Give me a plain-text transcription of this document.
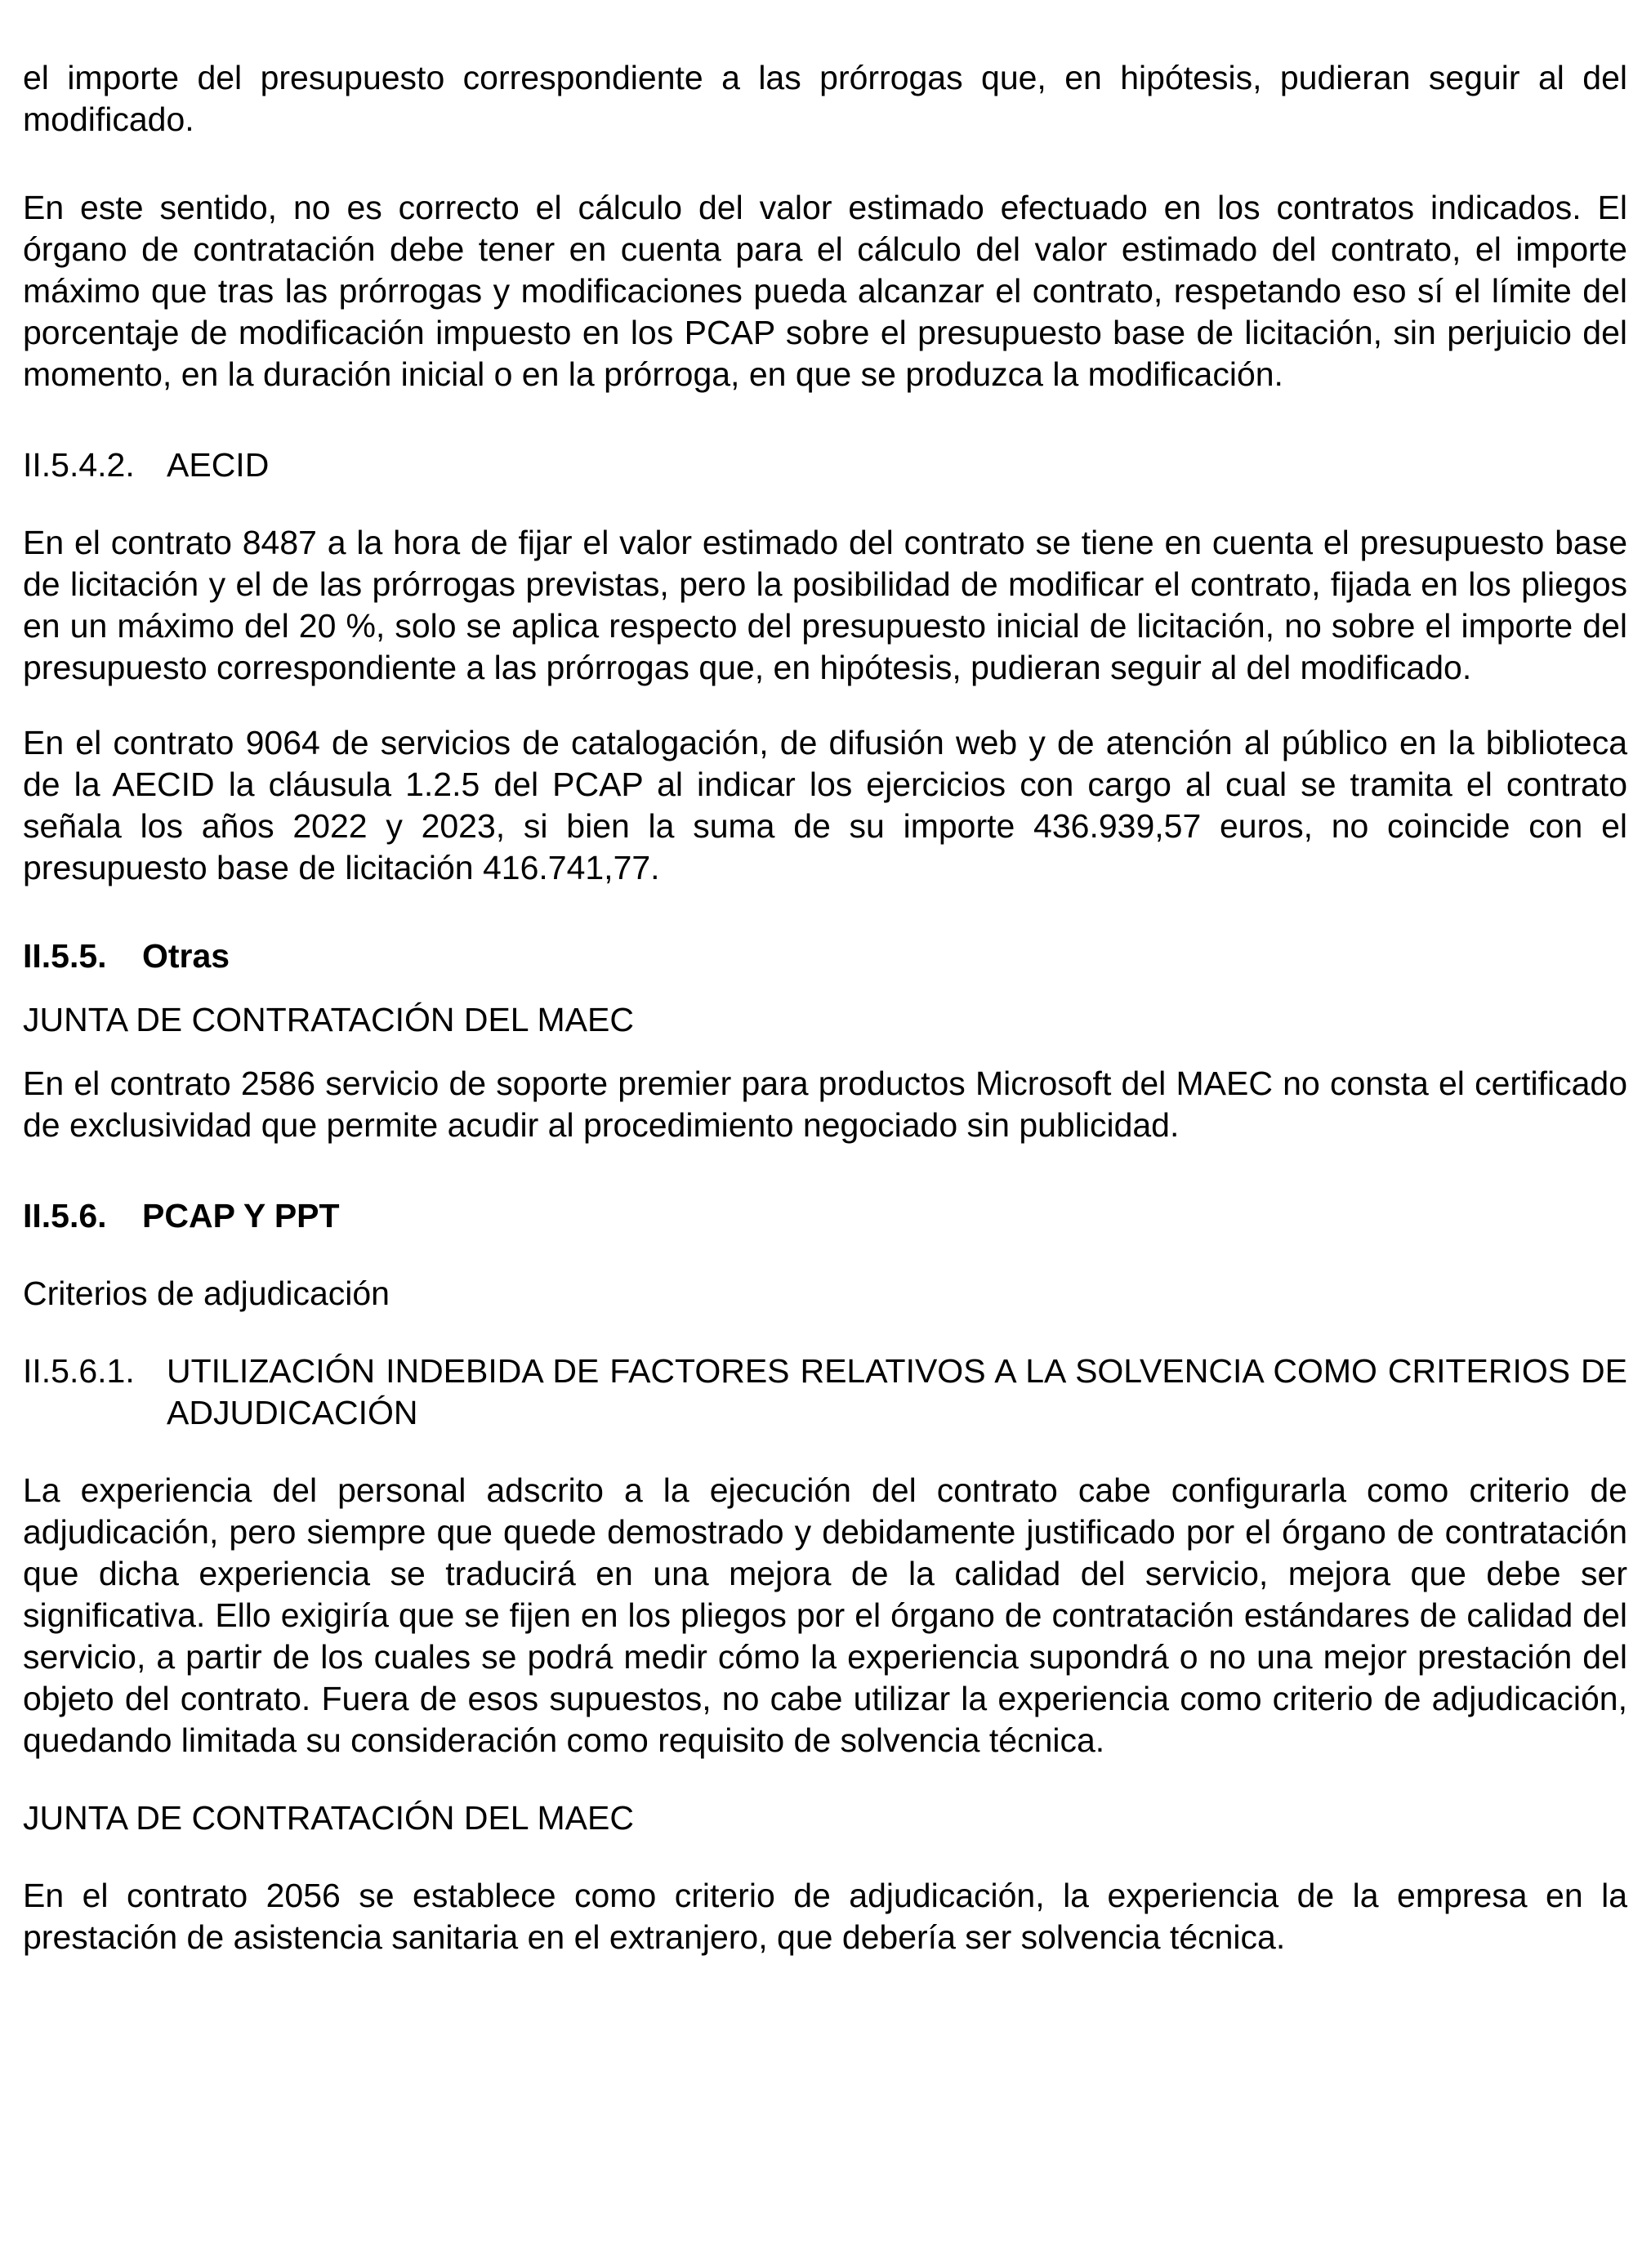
el importe del presupuesto correspondiente a las prórrogas que, en hipótesis, pudieran seguir al del modificado.

En este sentido, no es correcto el cálculo del valor estimado efectuado en los contratos indicados. El órgano de contratación debe tener en cuenta para el cálculo del valor estimado del contrato, el importe máximo que tras las prórrogas y modificaciones pueda alcanzar el contrato, respetando eso sí el límite del porcentaje de modificación impuesto en los PCAP sobre el presupuesto base de licitación, sin perjuicio del momento, en la duración inicial o en la prórroga, en que se produzca la modificación.

II.5.4.2. AECID

En el contrato 8487 a la hora de fijar el valor estimado del contrato se tiene en cuenta el presupuesto base de licitación y el de las prórrogas previstas, pero la posibilidad de modificar el contrato, fijada en los pliegos en un máximo del 20 %, solo se aplica respecto del presupuesto inicial de licitación, no sobre el importe del presupuesto correspondiente a las prórrogas que, en hipótesis, pudieran seguir al del modificado.

En el contrato 9064 de servicios de catalogación, de difusión web y de atención al público en la biblioteca de la AECID la cláusula 1.2.5 del PCAP al indicar los ejercicios con cargo al cual se tramita el contrato señala los años 2022 y 2023, si bien la suma de su importe 436.939,57 euros, no coincide con el presupuesto base de licitación 416.741,77.

II.5.5.	Otras

JUNTA DE CONTRATACIÓN DEL MAEC

En el contrato 2586 servicio de soporte premier para productos Microsoft del MAEC no consta el certificado de exclusividad que permite acudir al procedimiento negociado sin publicidad.

II.5.6.	PCAP Y PPT

Criterios de adjudicación

II.5.6.1. UTILIZACIÓN INDEBIDA DE FACTORES RELATIVOS A LA SOLVENCIA COMO CRITERIOS DE ADJUDICACIÓN

La experiencia del personal adscrito a la ejecución del contrato cabe configurarla como criterio de adjudicación, pero siempre que quede demostrado y debidamente justificado por el órgano de contratación que dicha experiencia se traducirá en una mejora de la calidad del servicio, mejora que debe ser significativa. Ello exigiría que se fijen en los pliegos por el órgano de contratación estándares de calidad del servicio, a partir de los cuales se podrá medir cómo la experiencia supondrá o no una mejor prestación del objeto del contrato. Fuera de esos supuestos, no cabe utilizar la experiencia como criterio de adjudicación, quedando limitada su consideración como requisito de solvencia técnica.

JUNTA DE CONTRATACIÓN DEL MAEC

En el contrato 2056 se establece como criterio de adjudicación, la experiencia de la empresa en la prestación de asistencia sanitaria en el extranjero, que debería ser solvencia técnica.
